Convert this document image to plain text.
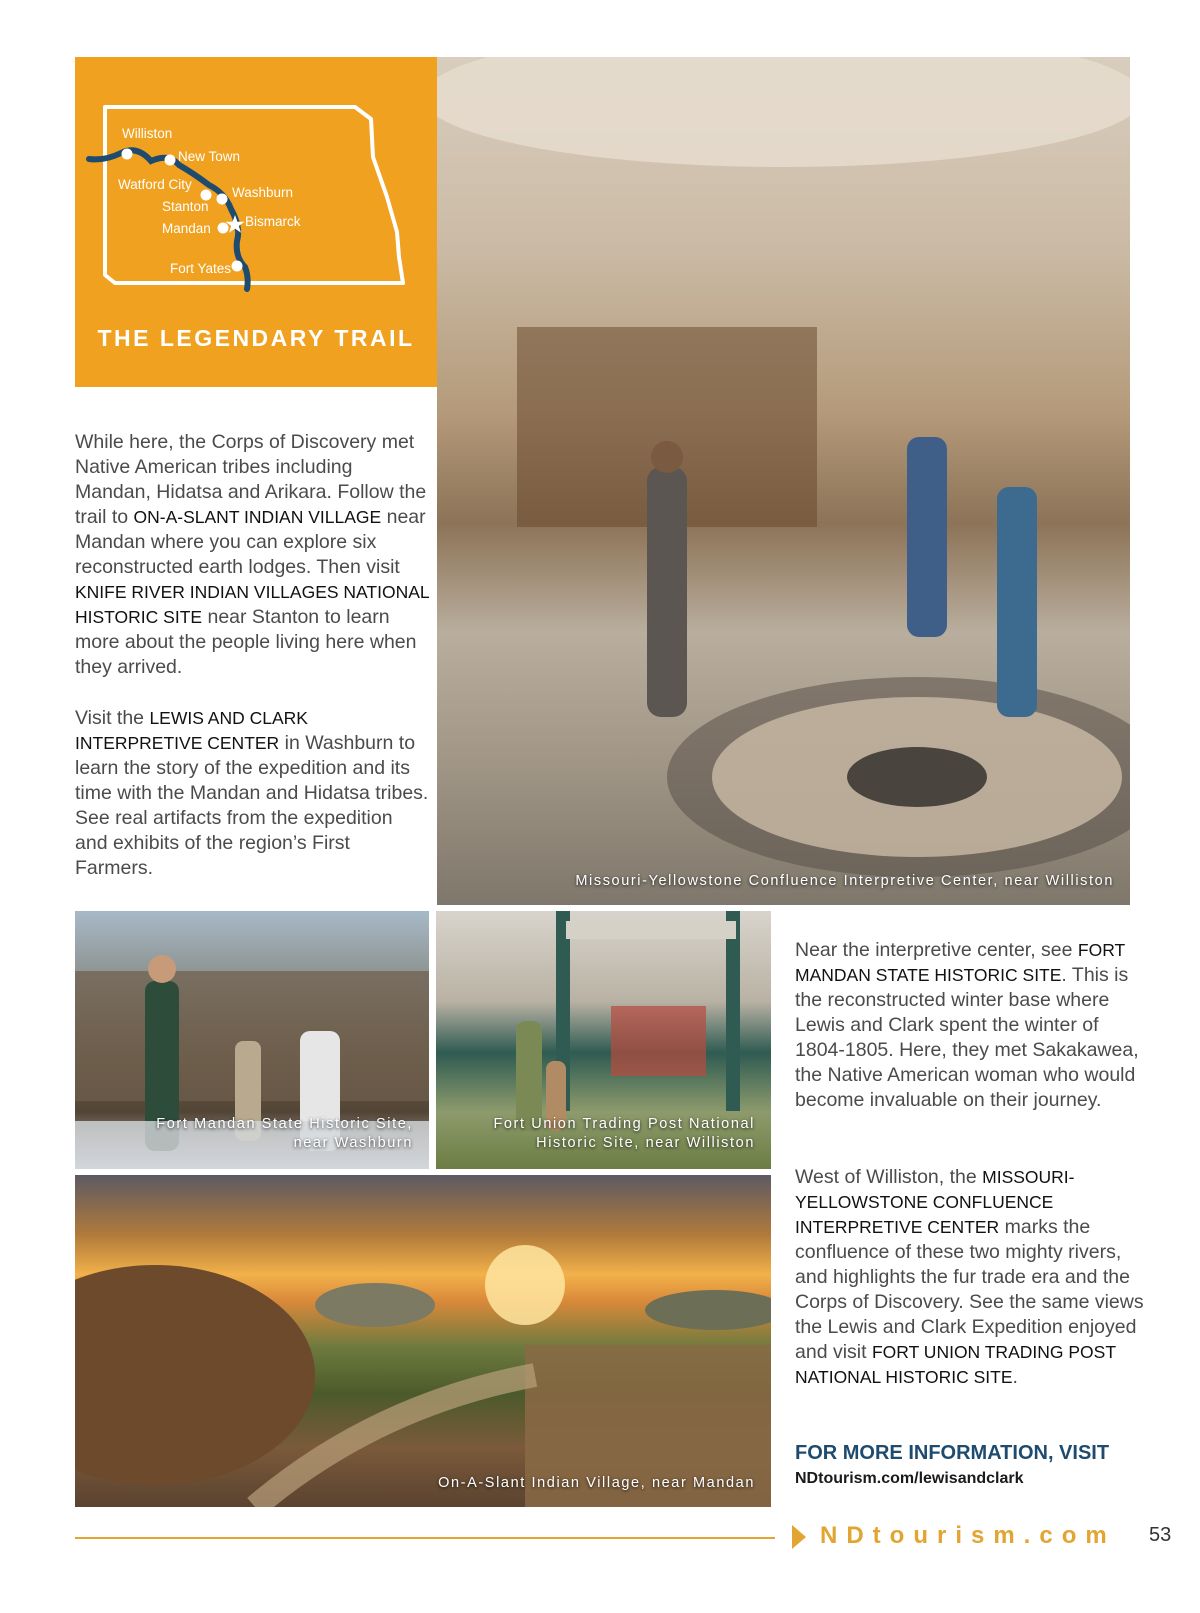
Williston
New Town
Watford City
Washburn
Stanton
Bismarck
Mandan
Fort Yates
THE LEGENDARY TRAIL
Missouri-Yellowstone Confluence Interpretive Center, near Williston

While here, the Corps of Discovery met Native American tribes including Mandan, Hidatsa and Arikara. Follow the trail to ON-A-SLANT INDIAN VILLAGE near Mandan where you can explore six reconstructed earth lodges. Then visit KNIFE RIVER INDIAN VILLAGES NATIONAL HISTORIC SITE near Stanton to learn more about the people living here when they arrived.

Visit the LEWIS AND CLARK INTERPRETIVE CENTER in Washburn to learn the story of the expedition and its time with the Mandan and Hidatsa tribes. See real artifacts from the expedition and exhibits of the region’s First Farmers.

Fort Mandan State Historic Site,
near Washburn
Fort Union Trading Post National
Historic Site, near Williston
On-A-Slant Indian Village, near Mandan

Near the interpretive center, see FORT MANDAN STATE HISTORIC SITE. This is the reconstructed winter base where Lewis and Clark spent the winter of 1804-1805. Here, they met Sakakawea, the Native American woman who would become invaluable on their journey.

West of Williston, the MISSOURI-YELLOWSTONE CONFLUENCE INTERPRETIVE CENTER marks the confluence of these two mighty rivers, and highlights the fur trade era and the Corps of Discovery. See the same views the Lewis and Clark Expedition enjoyed and visit FORT UNION TRADING POST NATIONAL HISTORIC SITE.

FOR MORE INFORMATION, VISIT
NDtourism.com/lewisandclark
NDtourism.com 53
